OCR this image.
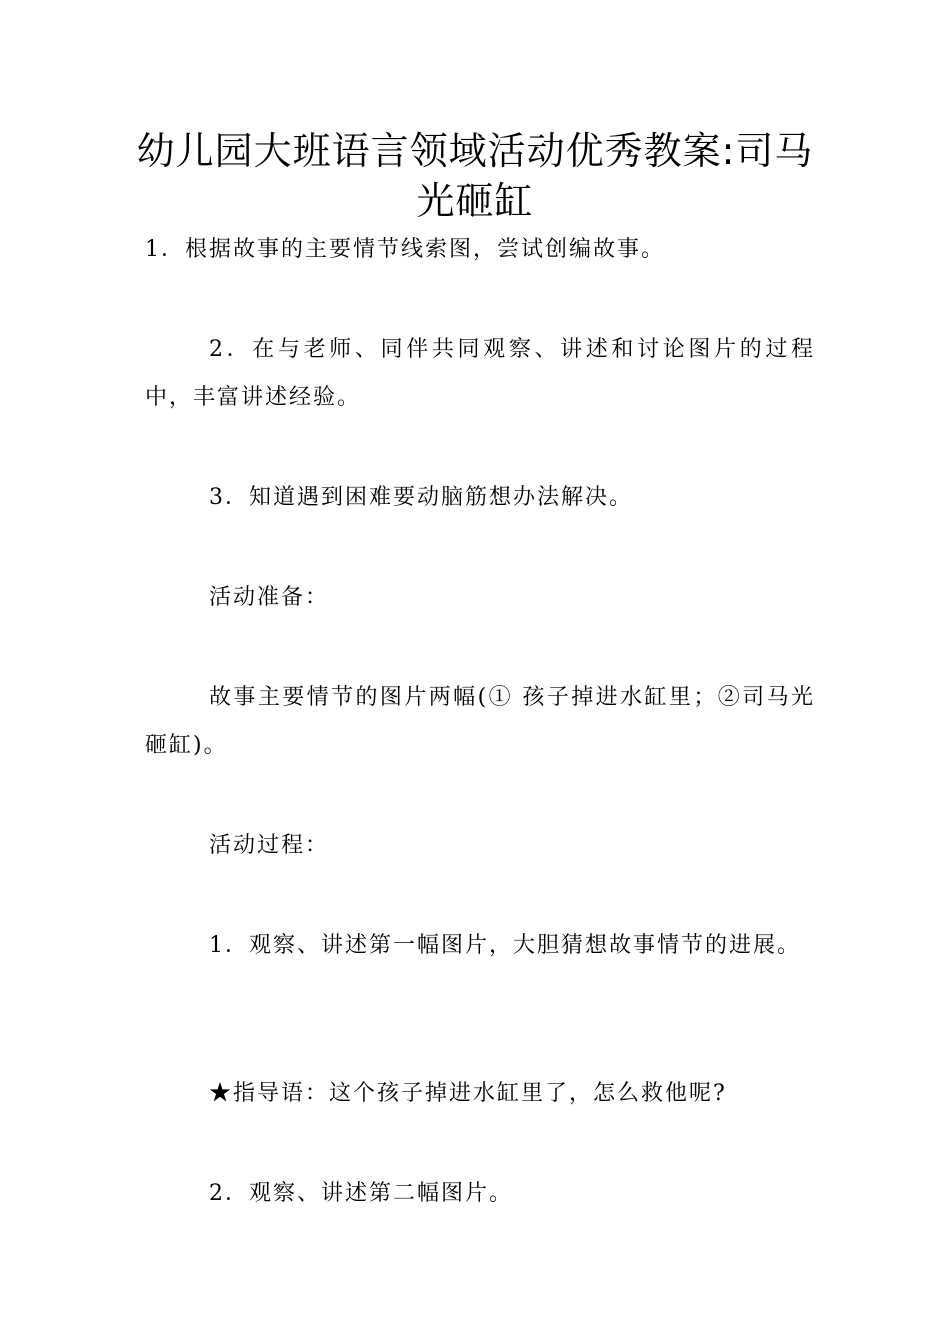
幼儿园大班语言领域活动优秀教案:司马光砸缸

1．根据故事的主要情节线索图，尝试创编故事。

2．在与老师、同伴共同观察、讲述和讨论图片的过程中，丰富讲述经验。

3．知道遇到困难要动脑筋想办法解决。

活动准备：

故事主要情节的图片两幅(① 孩子掉进水缸里；②司马光砸缸)。

活动过程：

1．观察、讲述第一幅图片，大胆猜想故事情节的进展。

★指导语：这个孩子掉进水缸里了，怎么救他呢?

2．观察、讲述第二幅图片。
